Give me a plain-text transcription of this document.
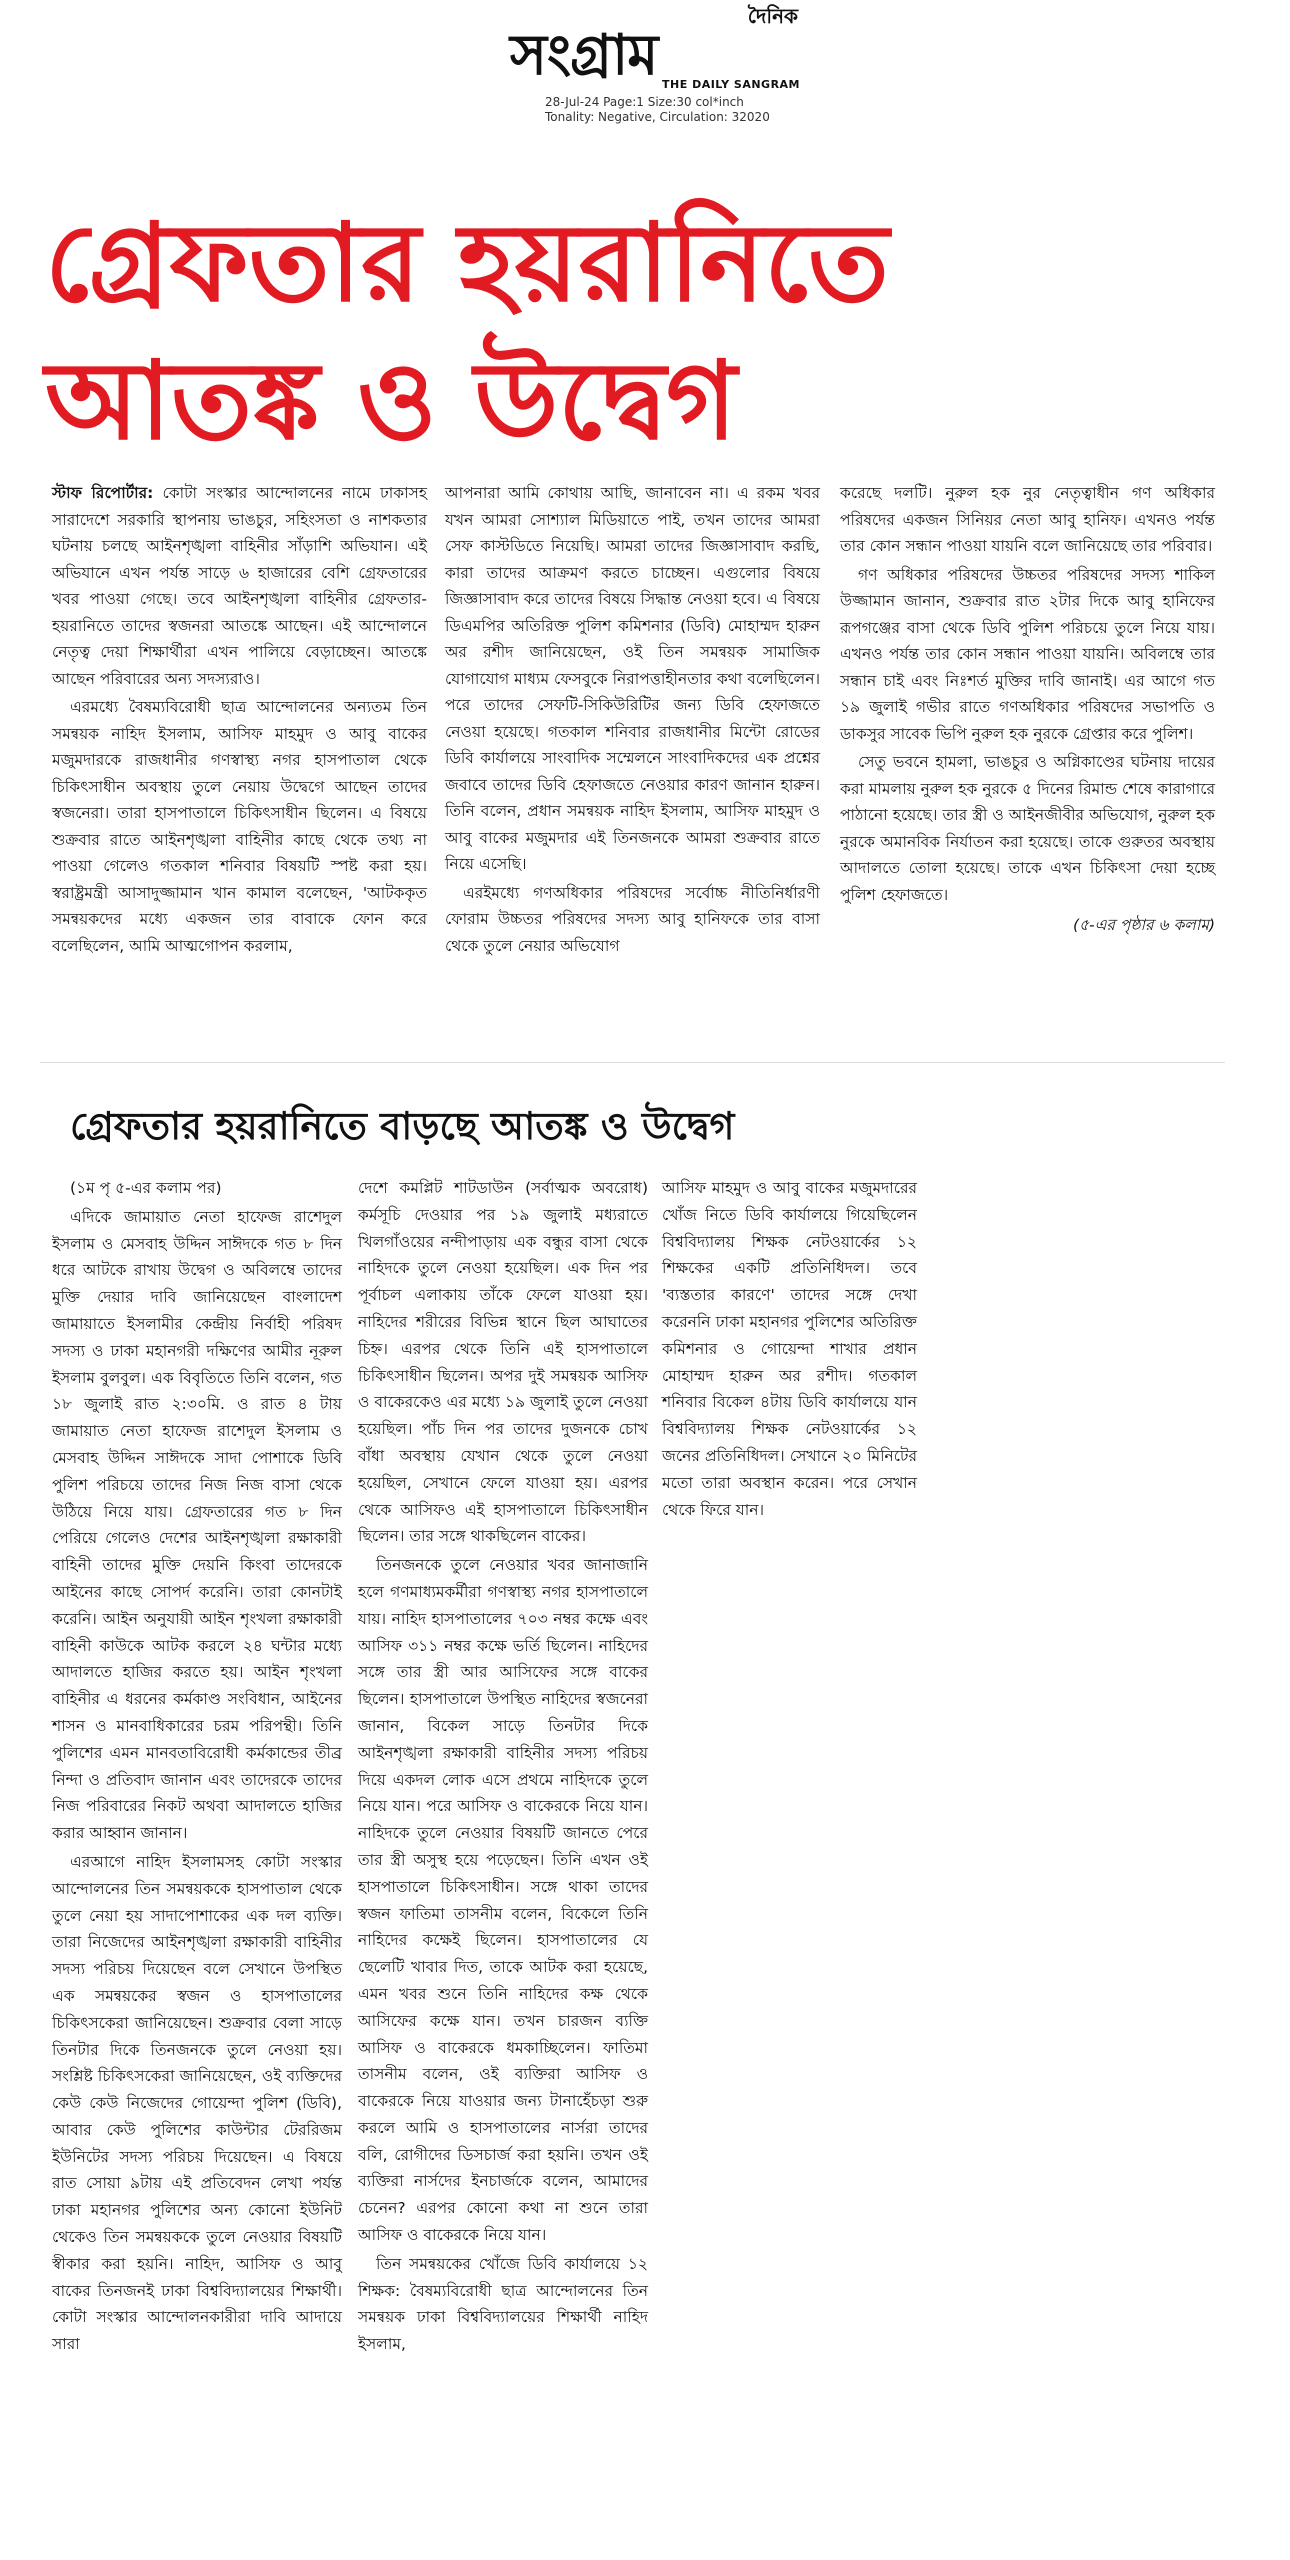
দৈনিক
সংগ্রাম THE DAILY SANGRAM
28-Jul-24 Page:1 Size:30 col*inch
Tonality: Negative, Circulation: 32020
গ্রেফতার হয়রানিতে
আতঙ্ক ও উদ্বেগ

স্টাফ রিপোর্টার: কোটা সংস্কার আন্দোলনের নামে ঢাকাসহ সারাদেশে সরকারি স্থাপনায় ভাঙচুর, সহিংসতা ও নাশকতার ঘটনায় চলছে আইনশৃঙ্খলা বাহিনীর সাঁড়াশি অভিযান। এই অভিযানে এখন পর্যন্ত সাড়ে ৬ হাজারের বেশি গ্রেফতারের খবর পাওয়া গেছে। তবে আইনশৃঙ্খলা বাহিনীর গ্রেফতার-হয়রানিতে তাদের স্বজনরা আতঙ্কে আছেন। এই আন্দোলনে নেতৃত্ব দেয়া শিক্ষার্থীরা এখন পালিয়ে বেড়াচ্ছেন। আতঙ্কে আছেন পরিবারের অন্য সদস্যরাও।

এরমধ্যে বৈষম্যবিরোধী ছাত্র আন্দোলনের অন্যতম তিন সমন্বয়ক নাহিদ ইসলাম, আসিফ মাহমুদ ও আবু বাকের মজুমদারকে রাজধানীর গণস্বাস্থ্য নগর হাসপাতাল থেকে চিকিৎসাধীন অবস্থায় তুলে নেয়ায় উদ্বেগে আছেন তাদের স্বজনেরা। তারা হাসপাতালে চিকিৎসাধীন ছিলেন। এ বিষয়ে শুক্রবার রাতে আইনশৃঙ্খলা বাহিনীর কাছে থেকে তথ্য না পাওয়া গেলেও গতকাল শনিবার বিষয়টি স্পষ্ট করা হয়। স্বরাষ্ট্রমন্ত্রী আসাদুজ্জামান খান কামাল বলেছেন, 'আটককৃত সমন্বয়কদের মধ্যে একজন তার বাবাকে ফোন করে বলেছিলেন, আমি আত্মগোপন করলাম,

আপনারা আমি কোথায় আছি, জানাবেন না। এ রকম খবর যখন আমরা সোশ্যাল মিডিয়াতে পাই, তখন তাদের আমরা সেফ কাস্টডিতে নিয়েছি। আমরা তাদের জিজ্ঞাসাবাদ করছি, কারা তাদের আক্রমণ করতে চাচ্ছেন। এগুলোর বিষয়ে জিজ্ঞাসাবাদ করে তাদের বিষয়ে সিদ্ধান্ত নেওয়া হবে। এ বিষয়ে ডিএমপির অতিরিক্ত পুলিশ কমিশনার (ডিবি) মোহাম্মদ হারুন অর রশীদ জানিয়েছেন, ওই তিন সমন্বয়ক সামাজিক যোগাযোগ মাধ্যম ফেসবুকে নিরাপত্তাহীনতার কথা বলেছিলেন। পরে তাদের সেফটি-সিকিউরিটির জন্য ডিবি হেফাজতে নেওয়া হয়েছে। গতকাল শনিবার রাজধানীর মিন্টো রোডের ডিবি কার্যালয়ে সাংবাদিক সম্মেলনে সাংবাদিকদের এক প্রশ্নের জবাবে তাদের ডিবি হেফাজতে নেওয়ার কারণ জানান হারুন। তিনি বলেন, প্রধান সমন্বয়ক নাহিদ ইসলাম, আসিফ মাহমুদ ও আবু বাকের মজুমদার এই তিনজনকে আমরা শুক্রবার রাতে নিয়ে এসেছি।

এরইমধ্যে গণঅধিকার পরিষদের সর্বোচ্চ নীতিনির্ধারণী ফোরাম উচ্চতর পরিষদের সদস্য আবু হানিফকে তার বাসা থেকে তুলে নেয়ার অভিযোগ

করেছে দলটি। নুরুল হক নুর নেতৃত্বাধীন গণ অধিকার পরিষদের একজন সিনিয়র নেতা আবু হানিফ। এখনও পর্যন্ত তার কোন সন্ধান পাওয়া যায়নি বলে জানিয়েছে তার পরিবার।

গণ অধিকার পরিষদের উচ্চতর পরিষদের সদস্য শাকিল উজ্জামান জানান, শুক্রবার রাত ২টার দিকে আবু হানিফের রূপগঞ্জের বাসা থেকে ডিবি পুলিশ পরিচয়ে তুলে নিয়ে যায়। এখনও পর্যন্ত তার কোন সন্ধান পাওয়া যায়নি। অবিলম্বে তার সন্ধান চাই এবং নিঃশর্ত মুক্তির দাবি জানাই। এর আগে গত ১৯ জুলাই গভীর রাতে গণঅধিকার পরিষদের সভাপতি ও ডাকসুর সাবেক ভিপি নুরুল হক নুরকে গ্রেপ্তার করে পুলিশ।

সেতু ভবনে হামলা, ভাঙচুর ও অগ্নিকাণ্ডের ঘটনায় দায়ের করা মামলায় নুরুল হক নুরকে ৫ দিনের রিমান্ড শেষে কারাগারে পাঠানো হয়েছে। তার স্ত্রী ও আইনজীবীর অভিযোগ, নুরুল হক নুরকে অমানবিক নির্যাতন করা হয়েছে। তাকে গুরুতর অবস্থায় আদালতে তোলা হয়েছে। তাকে এখন চিকিৎসা দেয়া হচ্ছে পুলিশ হেফাজতে।

(৫-এর পৃষ্ঠার ৬ কলাম)
গ্রেফতার হয়রানিতে বাড়ছে আতঙ্ক ও উদ্বেগ

(১ম পৃ ৫-এর কলাম পর)

এদিকে জামায়াত নেতা হাফেজ রাশেদুল ইসলাম ও মেসবাহ উদ্দিন সাঈদকে গত ৮ দিন ধরে আটকে রাখায় উদ্বেগ ও অবিলম্বে তাদের মুক্তি দেয়ার দাবি জানিয়েছেন বাংলাদেশ জামায়াতে ইসলামীর কেন্দ্রীয় নির্বাহী পরিষদ সদস্য ও ঢাকা মহানগরী দক্ষিণের আমীর নূরুল ইসলাম বুলবুল। এক বিবৃতিতে তিনি বলেন, গত ১৮ জুলাই রাত ২:৩০মি. ও রাত ৪ টায় জামায়াত নেতা হাফেজ রাশেদুল ইসলাম ও মেসবাহ উদ্দিন সাঈদকে সাদা পোশাকে ডিবি পুলিশ পরিচয়ে তাদের নিজ নিজ বাসা থেকে উঠিয়ে নিয়ে যায়। গ্রেফতারের গত ৮ দিন পেরিয়ে গেলেও দেশের আইনশৃঙ্খলা রক্ষাকারী বাহিনী তাদের মুক্তি দেয়নি কিংবা তাদেরকে আইনের কাছে সোপর্দ করেনি। তারা কোনটাই করেনি। আইন অনুযায়ী আইন শৃংখলা রক্ষাকারী বাহিনী কাউকে আটক করলে ২৪ ঘন্টার মধ্যে আদালতে হাজির করতে হয়। আইন শৃংখলা বাহিনীর এ ধরনের কর্মকাণ্ড সংবিধান, আইনের শাসন ও মানবাধিকারের চরম পরিপন্থী। তিনি পুলিশের এমন মানবতাবিরোধী কর্মকান্ডের তীব্র নিন্দা ও প্রতিবাদ জানান এবং তাদেরকে তাদের নিজ পরিবারের নিকট অথবা আদালতে হাজির করার আহ্বান জানান।

এরআগে নাহিদ ইসলামসহ কোটা সংস্কার আন্দোলনের তিন সমন্বয়ককে হাসপাতাল থেকে তুলে নেয়া হয় সাদাপোশাকের এক দল ব্যক্তি। তারা নিজেদের আইনশৃঙ্খলা রক্ষাকারী বাহিনীর সদস্য পরিচয় দিয়েছেন বলে সেখানে উপস্থিত এক সমন্বয়কের স্বজন ও হাসপাতালের চিকিৎসকেরা জানিয়েছেন। শুক্রবার বেলা সাড়ে তিনটার দিকে তিনজনকে তুলে নেওয়া হয়। সংশ্লিষ্ট চিকিৎসকেরা জানিয়েছেন, ওই ব্যক্তিদের কেউ কেউ নিজেদের গোয়েন্দা পুলিশ (ডিবি), আবার কেউ পুলিশের কাউন্টার টেররিজম ইউনিটের সদস্য পরিচয় দিয়েছেন। এ বিষয়ে রাত সোয়া ৯টায় এই প্রতিবেদন লেখা পর্যন্ত ঢাকা মহানগর পুলিশের অন্য কোনো ইউনিট থেকেও তিন সমন্বয়ককে তুলে নেওয়ার বিষয়টি স্বীকার করা হয়নি। নাহিদ, আসিফ ও আবু বাকের তিনজনই ঢাকা বিশ্ববিদ্যালয়ের শিক্ষার্থী। কোটা সংস্কার আন্দোলনকারীরা দাবি আদায়ে সারা

দেশে কমপ্লিট শাটডাউন (সর্বাত্মক অবরোধ) কর্মসূচি দেওয়ার পর ১৯ জুলাই মধ্যরাতে খিলগাঁওয়ের নন্দীপাড়ায় এক বন্ধুর বাসা থেকে নাহিদকে তুলে নেওয়া হয়েছিল। এক দিন পর পূর্বাচল এলাকায় তাঁকে ফেলে যাওয়া হয়। নাহিদের শরীরের বিভিন্ন স্থানে ছিল আঘাতের চিহ্ন। এরপর থেকে তিনি এই হাসপাতালে চিকিৎসাধীন ছিলেন। অপর দুই সমন্বয়ক আসিফ ও বাকেরকেও এর মধ্যে ১৯ জুলাই তুলে নেওয়া হয়েছিল। পাঁচ দিন পর তাদের দুজনকে চোখ বাঁধা অবস্থায় যেখান থেকে তুলে নেওয়া হয়েছিল, সেখানে ফেলে যাওয়া হয়। এরপর থেকে আসিফও এই হাসপাতালে চিকিৎসাধীন ছিলেন। তার সঙ্গে থাকছিলেন বাকের।

তিনজনকে তুলে নেওয়ার খবর জানাজানি হলে গণমাধ্যমকর্মীরা গণস্বাস্থ্য নগর হাসপাতালে যায়। নাহিদ হাসপাতালের ৭০৩ নম্বর কক্ষে এবং আসিফ ৩১১ নম্বর কক্ষে ভর্তি ছিলেন। নাহিদের সঙ্গে তার স্ত্রী আর আসিফের সঙ্গে বাকের ছিলেন। হাসপাতালে উপস্থিত নাহিদের স্বজনেরা জানান, বিকেল সাড়ে তিনটার দিকে আইনশৃঙ্খলা রক্ষাকারী বাহিনীর সদস্য পরিচয় দিয়ে একদল লোক এসে প্রথমে নাহিদকে তুলে নিয়ে যান। পরে আসিফ ও বাকেরকে নিয়ে যান। নাহিদকে তুলে নেওয়ার বিষয়টি জানতে পেরে তার স্ত্রী অসুস্থ হয়ে পড়েছেন। তিনি এখন ওই হাসপাতালে চিকিৎসাধীন। সঙ্গে থাকা তাদের স্বজন ফাতিমা তাসনীম বলেন, বিকেলে তিনি নাহিদের কক্ষেই ছিলেন। হাসপাতালের যে ছেলেটি খাবার দিত, তাকে আটক করা হয়েছে, এমন খবর শুনে তিনি নাহিদের কক্ষ থেকে আসিফের কক্ষে যান। তখন চারজন ব্যক্তি আসিফ ও বাকেরকে ধমকাচ্ছিলেন। ফাতিমা তাসনীম বলেন, ওই ব্যক্তিরা আসিফ ও বাকেরকে নিয়ে যাওয়ার জন্য টানাহেঁচড়া শুরু করলে আমি ও হাসপাতালের নার্সরা তাদের বলি, রোগীদের ডিসচার্জ করা হয়নি। তখন ওই ব্যক্তিরা নার্সদের ইনচার্জকে বলেন, আমাদের চেনেন? এরপর কোনো কথা না শুনে তারা আসিফ ও বাকেরকে নিয়ে যান।

তিন সমন্বয়কের খোঁজে ডিবি কার্যালয়ে ১২ শিক্ষক: বৈষম্যবিরোধী ছাত্র আন্দোলনের তিন সমন্বয়ক ঢাকা বিশ্ববিদ্যালয়ের শিক্ষার্থী নাহিদ ইসলাম,

আসিফ মাহমুদ ও আবু বাকের মজুমদারের খোঁজ নিতে ডিবি কার্যালয়ে গিয়েছিলেন বিশ্ববিদ্যালয় শিক্ষক নেটওয়ার্কের ১২ শিক্ষকের একটি প্রতিনিধিদল। তবে 'ব্যস্ততার কারণে' তাদের সঙ্গে দেখা করেননি ঢাকা মহানগর পুলিশের অতিরিক্ত কমিশনার ও গোয়েন্দা শাখার প্রধান মোহাম্মদ হারুন অর রশীদ। গতকাল শনিবার বিকেল ৪টায় ডিবি কার্যালয়ে যান বিশ্ববিদ্যালয় শিক্ষক নেটওয়ার্কের ১২ জনের প্রতিনিধিদল। সেখানে ২০ মিনিটের মতো তারা অবস্থান করেন। পরে সেখান থেকে ফিরে যান।
